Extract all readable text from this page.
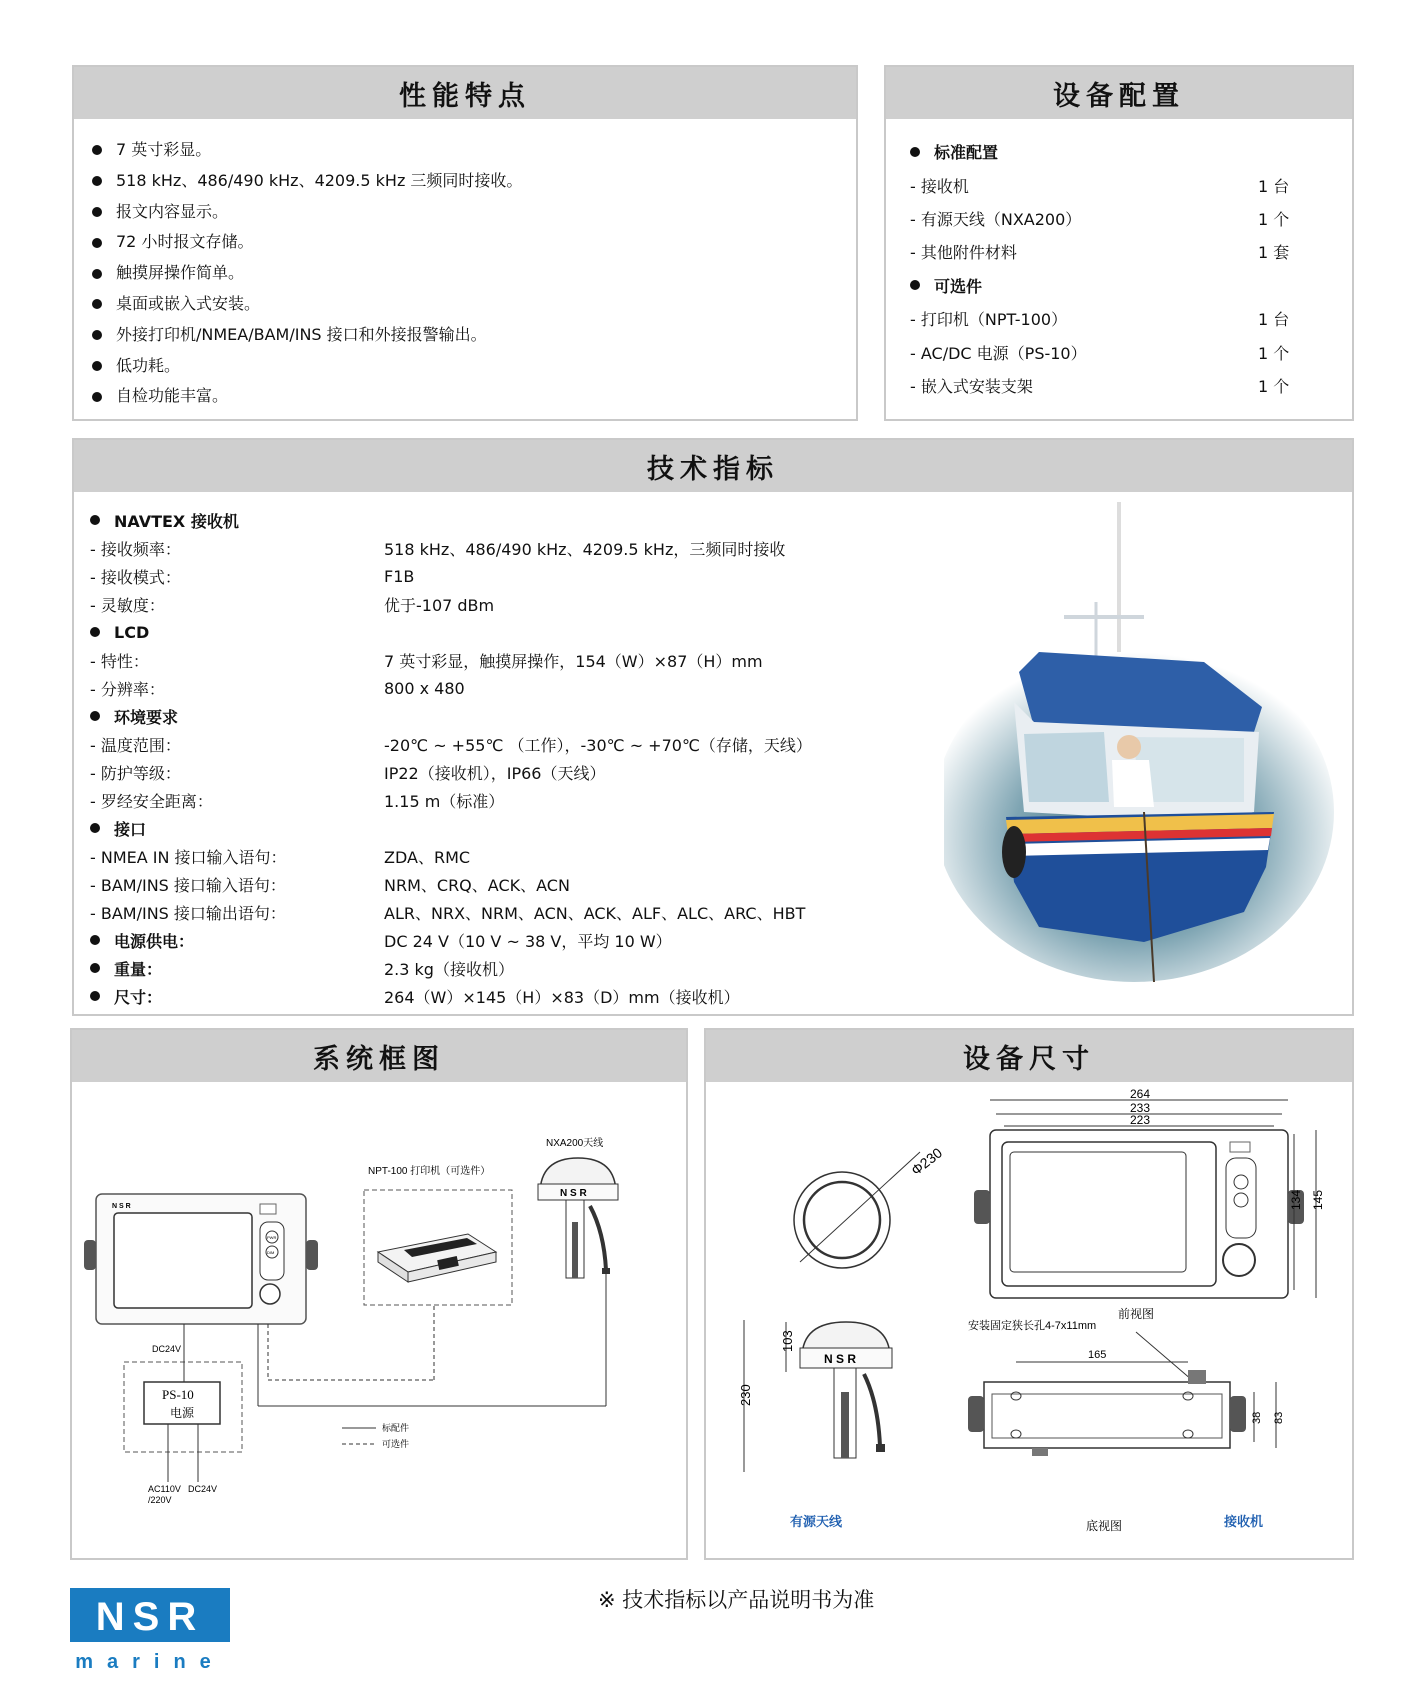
性能特点
7 英寸彩显。
518 kHz、486/490 kHz、4209.5 kHz 三频同时接收。
报文内容显示。
72 小时报文存储。
触摸屏操作简单。
桌面或嵌入式安装。
外接打印机/NMEA/BAM/INS 接口和外接报警输出。
低功耗。
自检功能丰富。
设备配置
标准配置
- 接收机	1 台
- 有源天线（NXA200）	1 个
- 其他附件材料	1 套
可选件
- 打印机（NPT-100）	1 台
- AC/DC 电源（PS-10）	1 个
- 嵌入式安装支架	1 个
技术指标
NAVTEX 接收机
- 接收频率：	518 kHz、486/490 kHz、4209.5 kHz，三频同时接收
- 接收模式：	F1B
- 灵敏度：	优于-107 dBm
LCD
- 特性：	7 英寸彩显，触摸屏操作，154（W）×87（H）mm
- 分辨率：	800 x 480
环境要求
- 温度范围：	-20℃ ~ +55℃ （工作），-30℃ ~ +70℃（存储，天线）
- 防护等级：	IP22（接收机），IP66（天线）
- 罗经安全距离：	1.15 m（标准）
接口
- NMEA IN 接口输入语句：	ZDA、RMC
- BAM/INS 接口输入语句：	NRM、CRQ、ACK、ACN
- BAM/INS 接口输出语句：	ALR、NRX、NRM、ACN、ACK、ALF、ALC、ARC、HBT
电源供电：	DC 24 V（10 V ~ 38 V，平均 10 W）
重量：	2.3 kg（接收机）
尺寸：	264（W）×145（H）×83（D）mm（接收机）
系统框图
N S R
PWR
DIM
NPT-100 打印机（可选件）
NXA200天线
N S R
DC24V
PS-10
电源
AC110V
/220V
DC24V
标配件
可选件
设备尺寸
Φ230
264
233
223
134 145
前视图
230
103
N S R
有源天线
安装固定狭长孔4-7x11mm
165
38 83
底视图	接收机
※ 技术指标以产品说明书为准
NSR
marine
